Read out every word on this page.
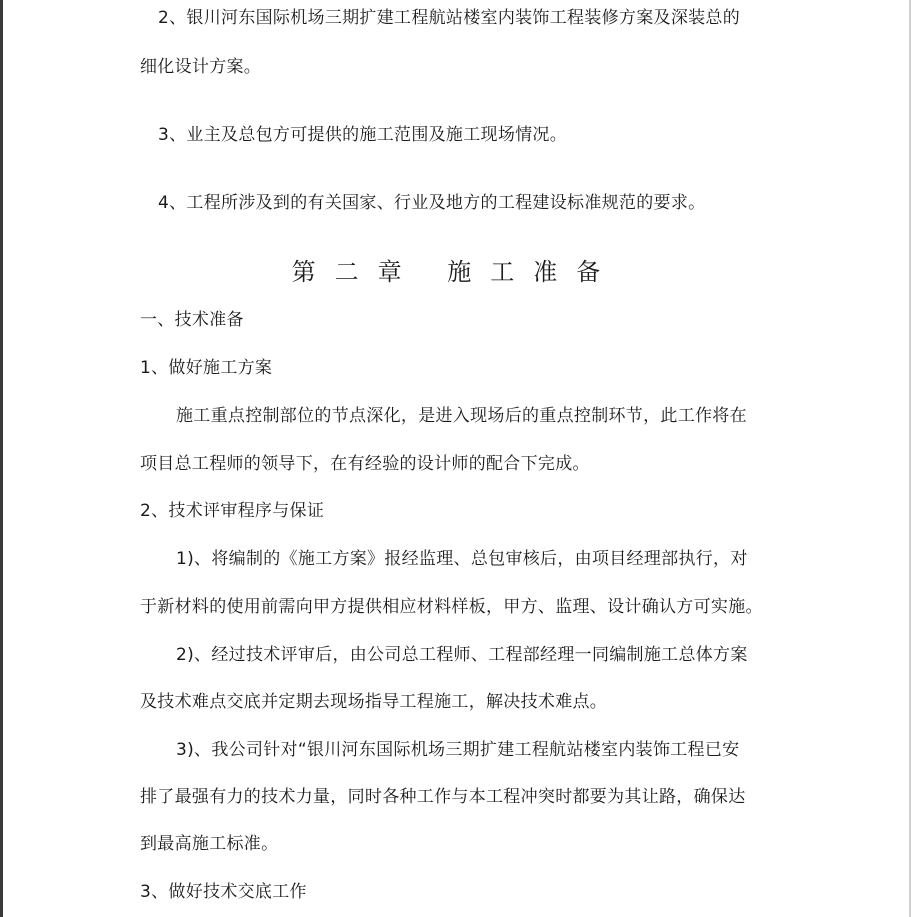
2、银川河东国际机场三期扩建工程航站楼室内装饰工程装修方案及深装总的
细化设计方案。
3、业主及总包方可提供的施工范围及施工现场情况。
4、工程所涉及到的有关国家、行业及地方的工程建设标准规范的要求。
第二章 施工准备
一、技术准备
1、做好施工方案
施工重点控制部位的节点深化，是进入现场后的重点控制环节，此工作将在
项目总工程师的领导下，在有经验的设计师的配合下完成。
2、技术评审程序与保证
1)、将编制的《施工方案》报经监理、总包审核后，由项目经理部执行，对
于新材料的使用前需向甲方提供相应材料样板，甲方、监理、设计确认方可实施。
2)、经过技术评审后，由公司总工程师、工程部经理一同编制施工总体方案
及技术难点交底并定期去现场指导工程施工，解决技术难点。
3)、我公司针对“银川河东国际机场三期扩建工程航站楼室内装饰工程已安
排了最强有力的技术力量，同时各种工作与本工程冲突时都要为其让路，确保达
到最高施工标准。
3、做好技术交底工作
